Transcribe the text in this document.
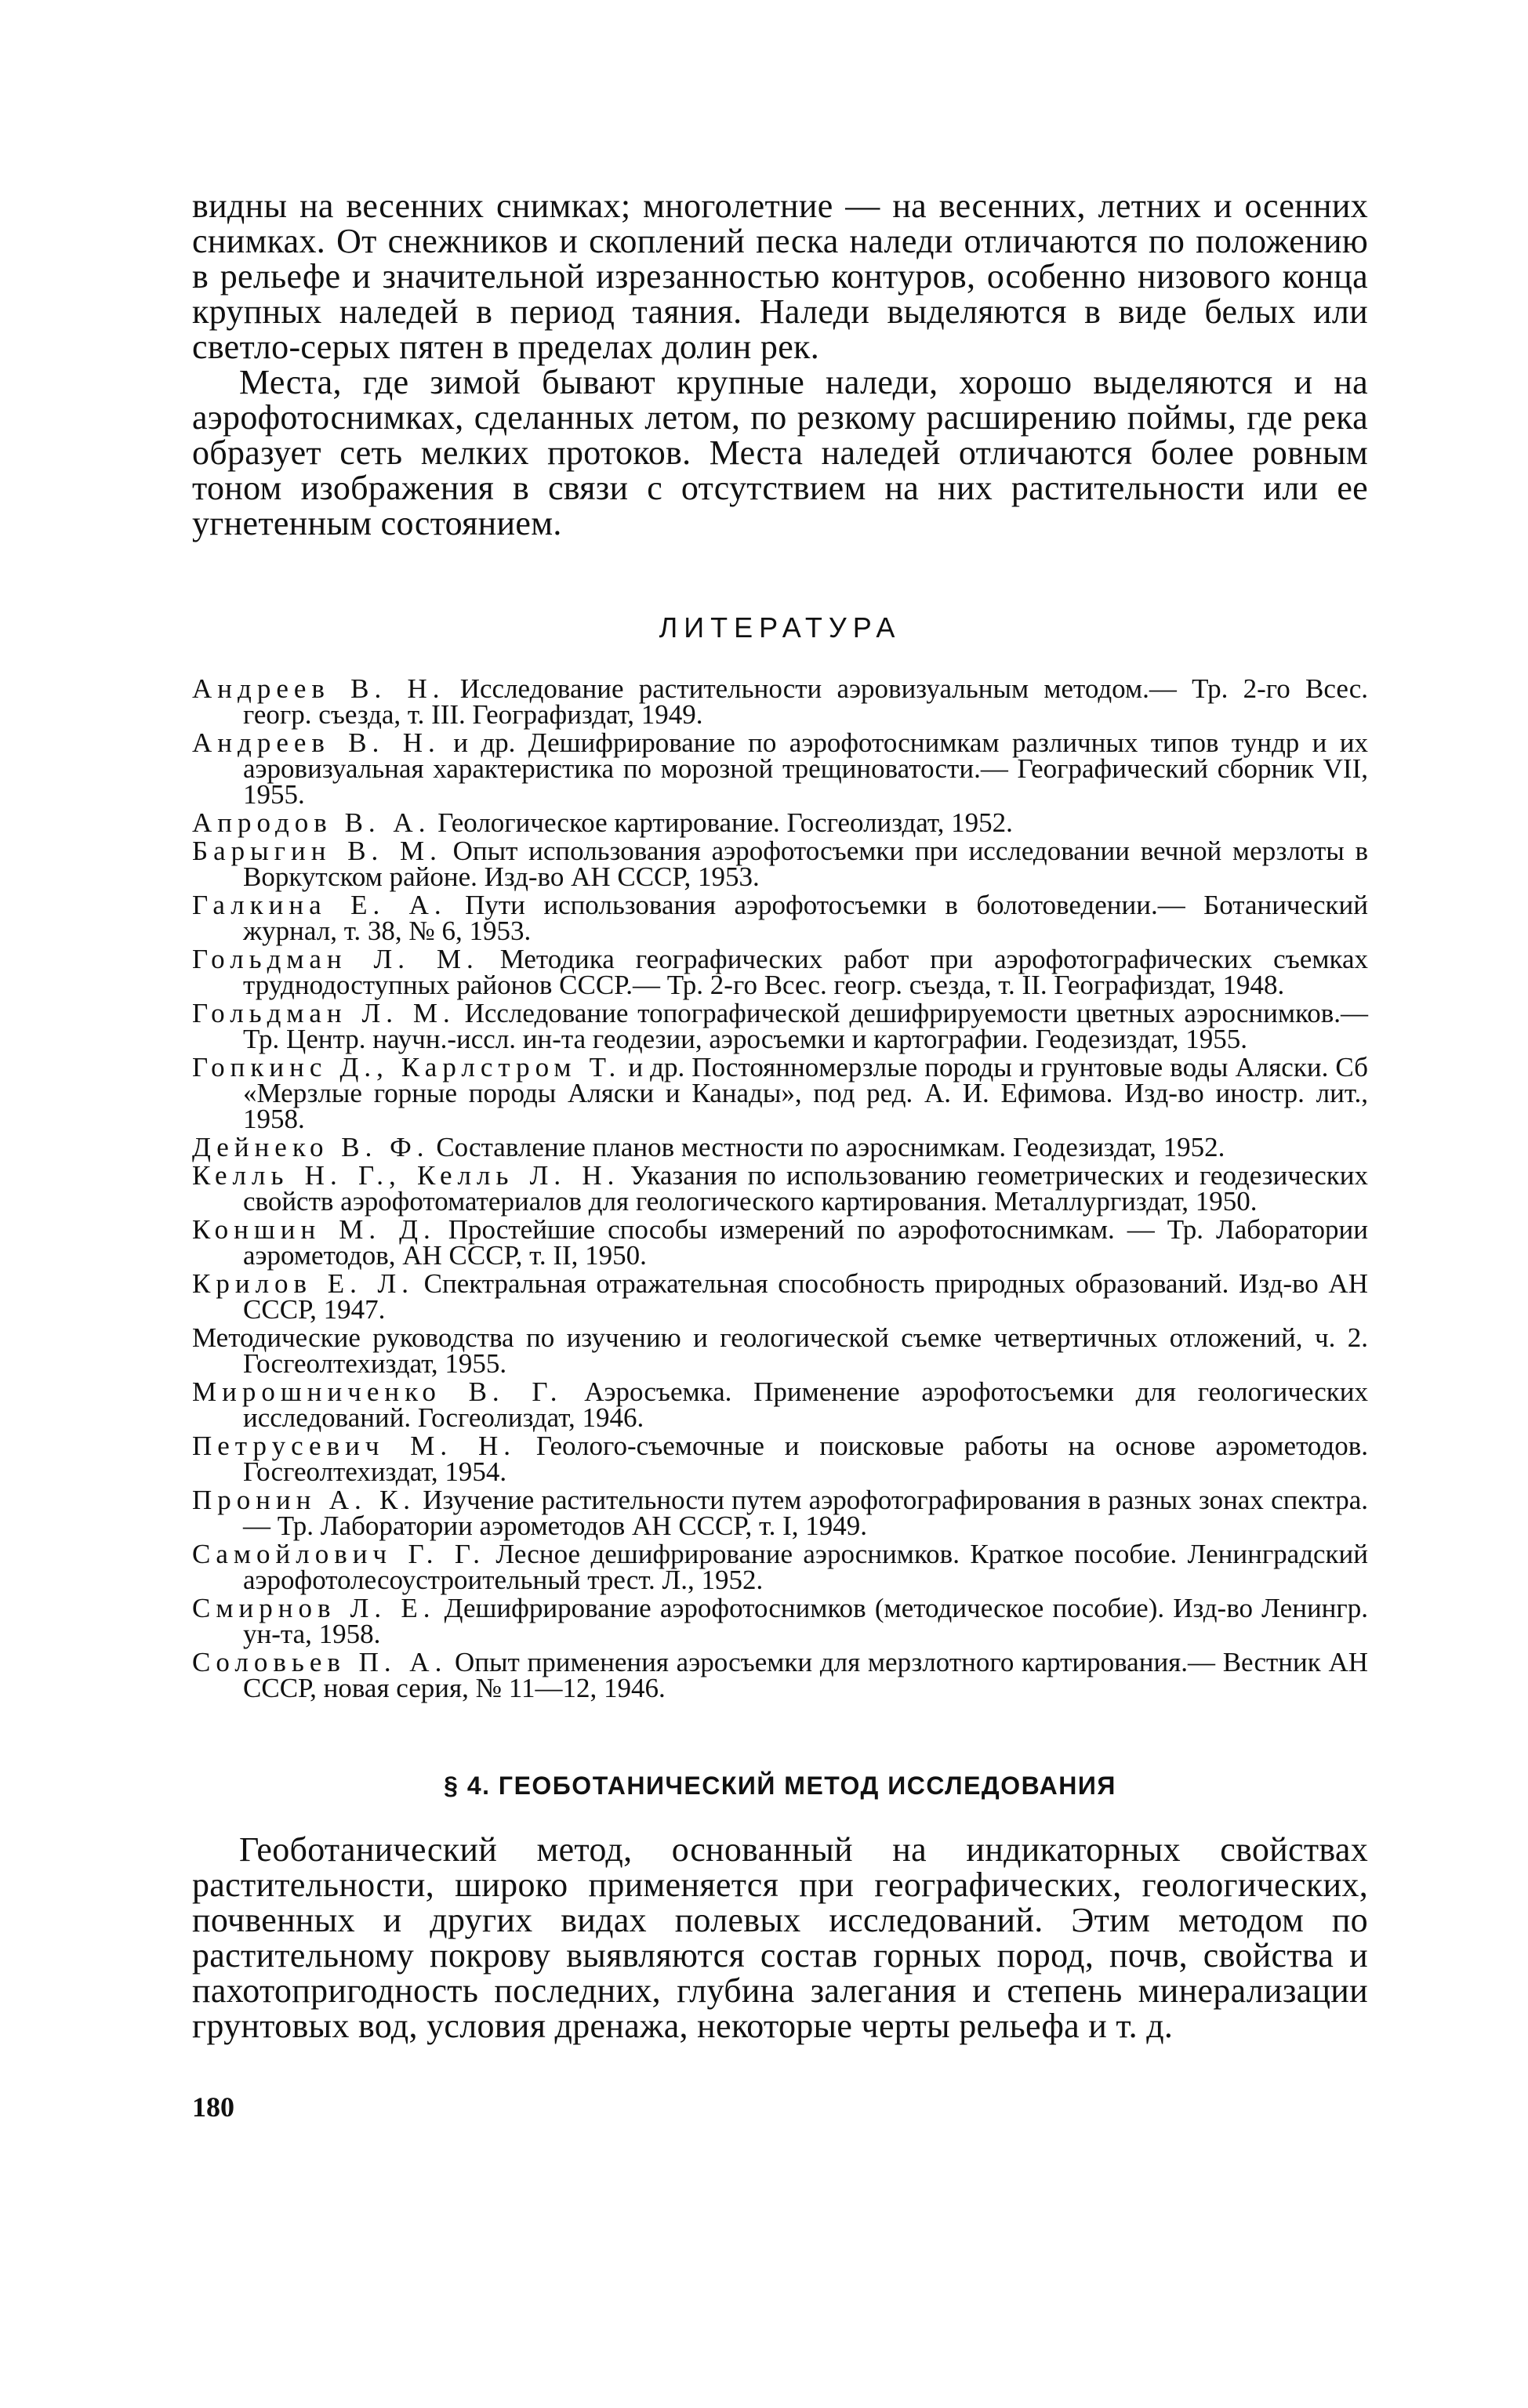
видны на весенних снимках; многолетние — на весенних, летних и осенних снимках. От снежников и скоплений песка наледи отличаются по положению в рельефе и значительной изрезанностью контуров, особенно низового конца крупных наледей в период таяния. Наледи выделяются в виде белых или светло-серых пятен в пределах долин рек.

Места, где зимой бывают крупные наледи, хорошо выделяются и на аэрофотоснимках, сделанных летом, по резкому расширению поймы, где река образует сеть мелких протоков. Места наледей отличаются более ровным тоном изображения в связи с отсутствием на них растительности или ее угнетенным состоянием.

ЛИТЕРАТУРА
Андреев В. Н. Исследование растительности аэровизуальным методом.— Тр. 2-го Всес. геогр. съезда, т. III. Географиздат, 1949.
Андреев В. Н. и др. Дешифрирование по аэрофотоснимкам различных типов тундр и их аэровизуальная характеристика по морозной трещиноватости.— Географический сборник VII, 1955.
Апродов В. А. Геологическое картирование. Госгеолиздат, 1952.
Барыгин В. М. Опыт использования аэрофотосъемки при исследовании вечной мерзлоты в Воркутском районе. Изд-во АН СССР, 1953.
Галкина Е. А. Пути использования аэрофотосъемки в болотоведении.— Ботанический журнал, т. 38, № 6, 1953.
Гольдман Л. М. Методика географических работ при аэрофотографических съемках труднодоступных районов СССР.— Тр. 2-го Всес. геогр. съезда, т. II. Географиздат, 1948.
Гольдман Л. М. Исследование топографической дешифрируемости цветных аэроснимков.— Тр. Центр. научн.-иссл. ин-та геодезии, аэросъемки и картографии. Геодезиздат, 1955.
Гопкинс Д., Карлстром Т. и др. Постояннoмерзлые породы и грунтовые воды Аляски. Сб «Мерзлые горные породы Аляски и Канады», под ред. А. И. Ефимова. Изд-во иностр. лит., 1958.
Дейнеко В. Ф. Составление планов местности по аэроснимкам. Геодезиздат, 1952.
Келль Н. Г., Келль Л. Н. Указания по использованию геометрических и геодезических свойств аэрофотоматериалов для геологического картирования. Металлургиздат, 1950.
Коншин М. Д. Простейшие способы измерений по аэрофотоснимкам. — Тр. Лаборатории аэрометодов, АН СССР, т. II, 1950.
Крилов Е. Л. Спектральная отражательная способность природных образований. Изд-во АН СССР, 1947.
Методические руководства по изучению и геологической съемке четвертичных отложений, ч. 2. Госгеолтехиздат, 1955.
Мирошниченко В. Г. Аэросъемка. Применение аэрофотосъемки для геологических исследований. Госгеолиздат, 1946.
Петрусевич М. Н. Геолого-съемочные и поисковые работы на основе аэрометодов. Госгеолтехиздат, 1954.
Пронин А. К. Изучение растительности путем аэрофотографирования в разных зонах спектра.— Тр. Лаборатории аэрометодов АН СССР, т. I, 1949.
Самойлович Г. Г. Лесное дешифрирование аэроснимков. Краткое пособие. Ленинградский аэрофотолесоустроительный трест. Л., 1952.
Смирнов Л. Е. Дешифрирование аэрофотоснимков (методическое пособие). Изд-во Ленингр. ун-та, 1958.
Соловьев П. А. Опыт применения аэросъемки для мерзлотного картирования.— Вестник АН СССР, новая серия, № 11—12, 1946.
§ 4. ГЕОБОТАНИЧЕСКИЙ МЕТОД ИССЛЕДОВАНИЯ

Геоботанический метод, основанный на индикаторных свойствах растительности, широко применяется при географических, геологических, почвенных и других видах полевых исследований. Этим методом по растительному покрову выявляются состав горных пород, почв, свойства и пахотопригодность последних, глубина залегания и степень минерализации грунтовых вод, условия дренажа, некоторые черты рельефа и т. д.

180
